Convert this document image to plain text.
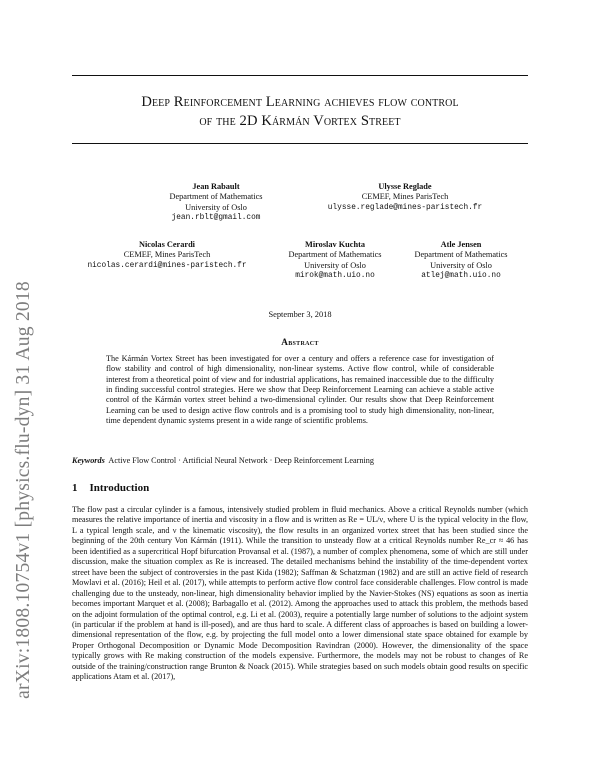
Deep Reinforcement Learning achieves flow control
of the 2D Kármán Vortex Street
arXiv:1808.10754v1 [physics.flu-dyn] 31 Aug 2018
Jean Rabault
Department of Mathematics
University of Oslo
jean.rblt@gmail.com
Ulysse Reglade
CEMEF, Mines ParisTech
ulysse.reglade@mines-paristech.fr
Nicolas Cerardi
CEMEF, Mines ParisTech
nicolas.cerardi@mines-paristech.fr
Miroslav Kuchta
Department of Mathematics
University of Oslo
mirok@math.uio.no
Atle Jensen
Department of Mathematics
University of Oslo
atlej@math.uio.no
September 3, 2018
Abstract
The Kármán Vortex Street has been investigated for over a century and offers a reference case for investigation of flow stability and control of high dimensionality, non-linear systems. Active flow control, while of considerable interest from a theoretical point of view and for industrial applications, has remained inaccessible due to the difficulty in finding successful control strategies. Here we show that Deep Reinforcement Learning can achieve a stable active control of the Kármán vortex street behind a two-dimensional cylinder. Our results show that Deep Reinforcement Learning can be used to design active flow controls and is a promising tool to study high dimensionality, non-linear, time dependent dynamic systems present in a wide range of scientific problems.
Keywords Active Flow Control · Artificial Neural Network · Deep Reinforcement Learning
1 Introduction
The flow past a circular cylinder is a famous, intensively studied problem in fluid mechanics. Above a critical Reynolds number (which measures the relative importance of inertia and viscosity in a flow and is written as Re = UL/ν, where U is the typical velocity in the flow, L a typical length scale, and ν the kinematic viscosity), the flow results in an organized vortex street that has been studied since the beginning of the 20th century Von Kármán (1911). While the transition to unsteady flow at a critical Reynolds number Re_cr ≈ 46 has been identified as a supercritical Hopf bifurcation Provansal et al. (1987), a number of complex phenomena, some of which are still under discussion, make the situation complex as Re is increased. The detailed mechanisms behind the instability of the time-dependent vortex street have been the subject of controversies in the past Kida (1982); Saffman & Schatzman (1982) and are still an active field of research Mowlavi et al. (2016); Heil et al. (2017), while attempts to perform active flow control face considerable challenges. Flow control is made challenging due to the unsteady, non-linear, high dimensionality behavior implied by the Navier-Stokes (NS) equations as soon as inertia becomes important Marquet et al. (2008); Barbagallo et al. (2012). Among the approaches used to attack this problem, the methods based on the adjoint formulation of the optimal control, e.g. Li et al. (2003), require a potentially large number of solutions to the adjoint system (in particular if the problem at hand is ill-posed), and are thus hard to scale. A different class of approaches is based on building a lower-dimensional representation of the flow, e.g. by projecting the full model onto a lower dimensional state space obtained for example by Proper Orthogonal Decomposition or Dynamic Mode Decomposition Ravindran (2000). However, the dimensionality of the space typically grows with Re making construction of the models expensive. Furthermore, the models may not be robust to changes of Re outside of the training/construction range Brunton & Noack (2015). While strategies based on such models obtain good results on specific applications Atam et al. (2017),
